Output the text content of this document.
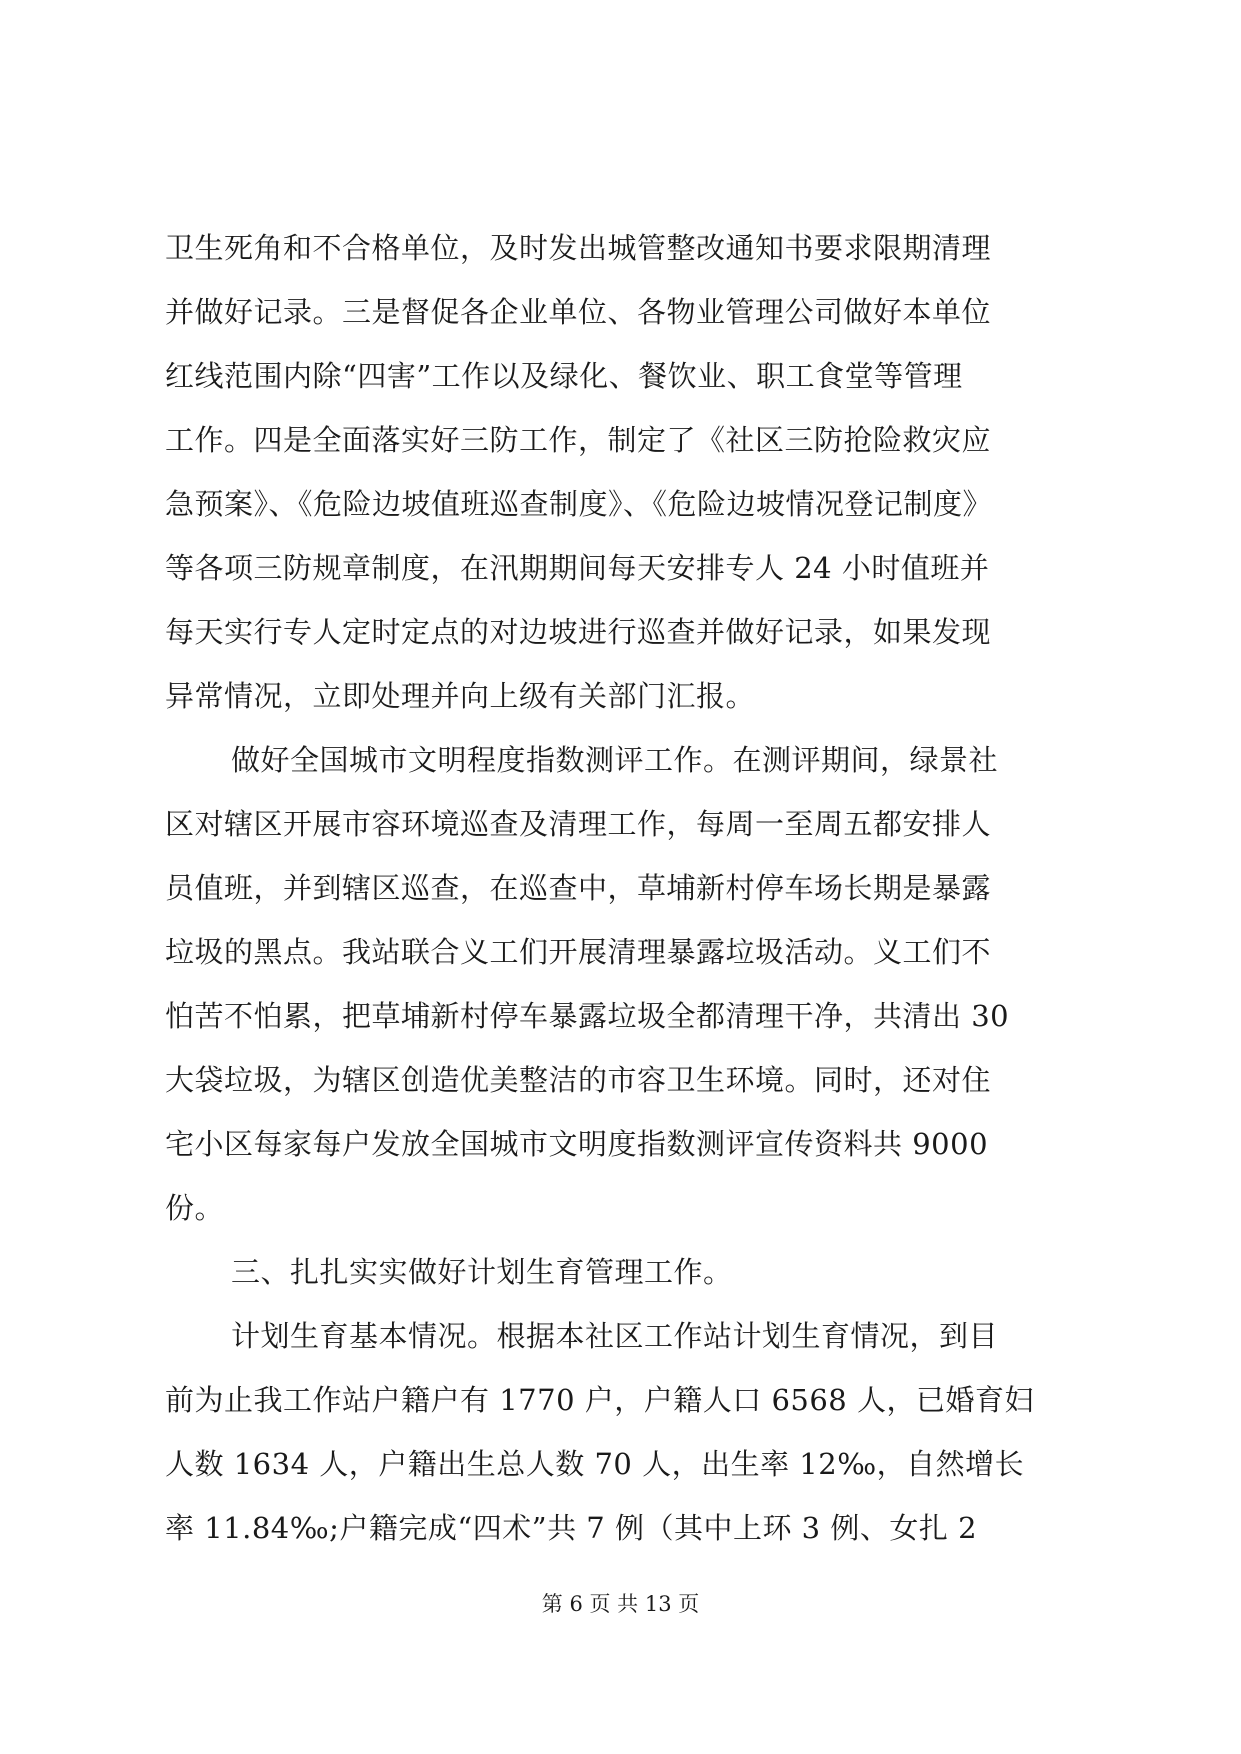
卫生死角和不合格单位，及时发出城管整改通知书要求限期清理
并做好记录。三是督促各企业单位、各物业管理公司做好本单位
红线范围内除“四害”工作以及绿化、餐饮业、职工食堂等管理
工作。四是全面落实好三防工作，制定了《社区三防抢险救灾应
急预案》、《危险边坡值班巡查制度》、《危险边坡情况登记制度》
等各项三防规章制度，在汛期期间每天安排专人 24 小时值班并
每天实行专人定时定点的对边坡进行巡查并做好记录，如果发现
异常情况，立即处理并向上级有关部门汇报。
做好全国城市文明程度指数测评工作。在测评期间，绿景社
区对辖区开展市容环境巡查及清理工作，每周一至周五都安排人
员值班，并到辖区巡查，在巡查中，草埔新村停车场长期是暴露
垃圾的黑点。我站联合义工们开展清理暴露垃圾活动。义工们不
怕苦不怕累，把草埔新村停车暴露垃圾全都清理干净，共清出 30
大袋垃圾，为辖区创造优美整洁的市容卫生环境。同时，还对住
宅小区每家每户发放全国城市文明度指数测评宣传资料共 9000
份。
三、扎扎实实做好计划生育管理工作。
计划生育基本情况。根据本社区工作站计划生育情况，到目
前为止我工作站户籍户有 1770 户，户籍人口 6568 人，已婚育妇
人数 1634 人，户籍出生总人数 70 人，出生率 12‰，自然增长
率 11.84‰;户籍完成“四术”共 7 例（其中上环 3 例、女扎 2
第 6 页 共 13 页
